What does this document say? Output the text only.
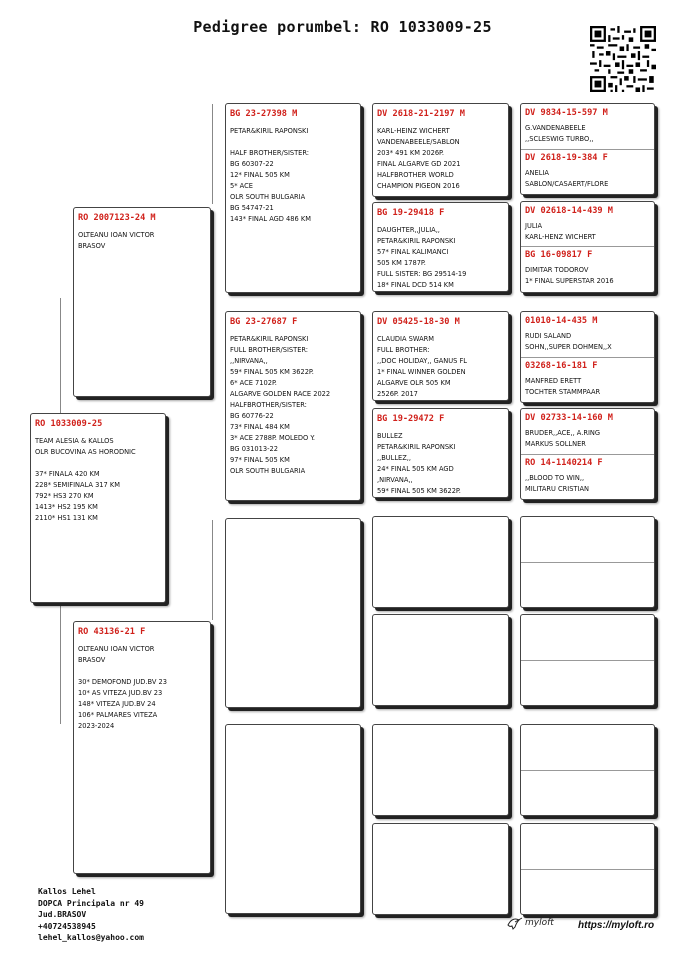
Pedigree porumbel: RO 1033009-25
RO 1033009-25
TEAM ALESIA & KALLOS
OLR BUCOVINA AS HORODNIC

37* FINALA 420 KM
228* SEMIFINALA 317 KM
792* HS3 270 KM
1413* HS2 195 KM
2110* HS1 131 KM
RO 2007123-24 M
OLTEANU IOAN VICTOR
BRASOV
RO 43136-21 F
OLTEANU IOAN VICTOR
BRASOV

30* DEMOFOND JUD.BV 23
10* AS VITEZA JUD.BV 23
148* VITEZA JUD.BV 24
106* PALMARES VITEZA
2023-2024
BG 23-27398 M
PETAR&KIRIL RAPONSKI

HALF BROTHER/SISTER:
BG 60307-22
12* FINAL 505 KM
5* ACE
OLR SOUTH BULGARIA
BG 54747-21
143* FINAL AGD 486 KM
BG 23-27687 F
PETAR&KIRIL RAPONSKI
FULL BROTHER/SISTER:
,,NIRVANA,,
59* FINAL 505 KM 3622P.
6* ACE 7102P.
ALGARVE GOLDEN RACE 2022
HALFBROTHER/SISTER:
BG 60776-22
73* FINAL 484 KM
3* ACE 2788P. MOLEDO Y.
BG 031013-22
97* FINAL 505 KM
OLR SOUTH BULGARIA
DV 2618-21-2197 M
KARL-HEINZ WICHERT
VANDENABEELE/SABLON
203* 491 KM 2026P.
FINAL ALGARVE GD 2021
HALFBROTHER WORLD
CHAMPION PIGEON 2016
BG 19-29418 F
DAUGHTER,,JULIA,,
PETAR&KIRIL RAPONSKI
57* FINAL KALIMANCI
505 KM 1787P.
FULL SISTER: BG 29514-19
18* FINAL DCD 514 KM
DV 05425-18-30 M
CLAUDIA SWARM
FULL BROTHER:
,,DOC HOLIDAY,, GANUS FL
1* FINAL WINNER GOLDEN
ALGARVE OLR 505 KM
2526P. 2017
BG 19-29472 F
BULLEZ
PETAR&KIRIL RAPONSKI
,,BULLEZ,,
24* FINAL 505 KM AGD
,NIRVANA,,
59* FINAL 505 KM 3622P.
DV 9834-15-597 M
G.VANDENABEELE
,,SCLESWIG TURBO,,
DV 2618-19-384 F
ANELIA
SABLON/CASAERT/FLORE
DV 02618-14-439 M
JULIA
KARL-HENZ WICHERT
BG 16-09817 F
DIMITAR TODOROV
1* FINAL SUPERSTAR 2016
01010-14-435 M
RUDI SALAND
SOHN,,SUPER DOHMEN,,X
03268-16-181 F
MANFRED ERETT
TOCHTER STAMMPAAR
DV 02733-14-160 M
BRUDER,,ACE,, A.RING
MARKUS SOLLNER
RO 14-1140214 F
,,BLOOD TO WIN,,
MILITARU CRISTIAN
Kallos Lehel
DOPCA Principala nr 49
Jud.BRASOV
+40724538945
lehel_kallos@yahoo.com
myloft https://myloft.ro
